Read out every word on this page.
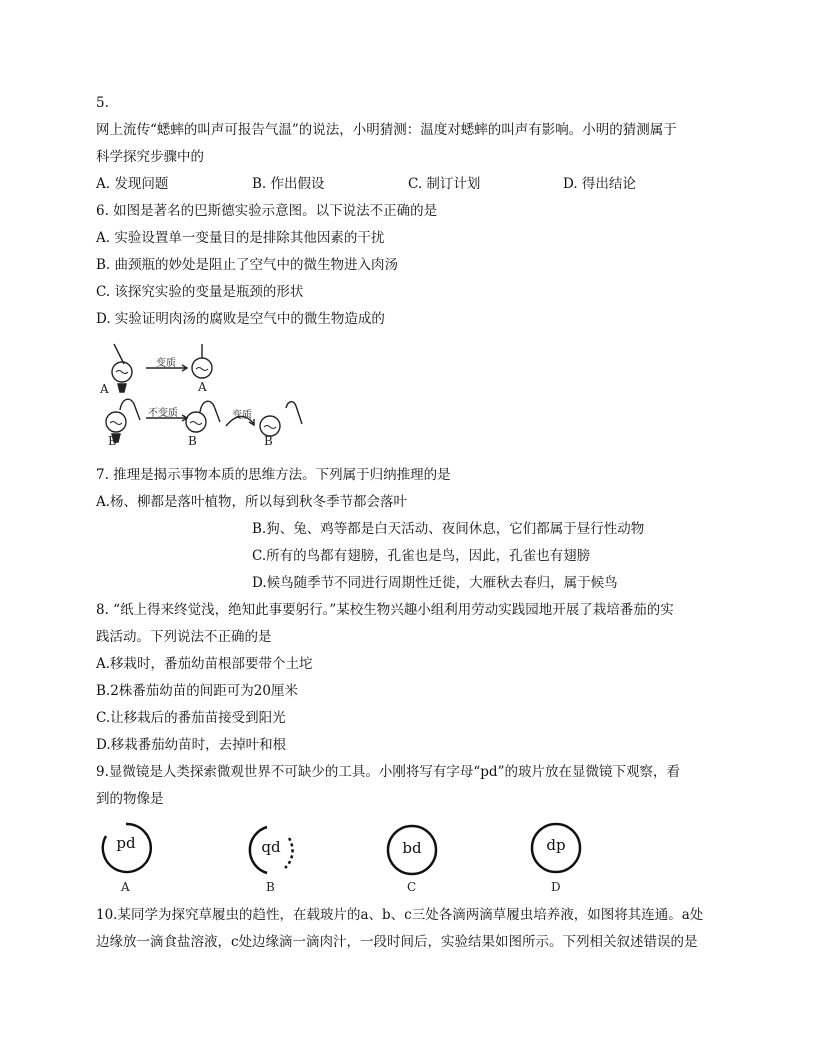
5.
网上流传“蟋蟀的叫声可报告气温”的说法，小明猜测：温度对蟋蟀的叫声有影响。小明的猜测属于
科学探究步骤中的
A. 发现问题	B. 作出假设	C. 制订计划	D. 得出结论
6. 如图是著名的巴斯德实验示意图。以下说法不正确的是
A. 实验设置单一变量目的是排除其他因素的干扰
B. 曲颈瓶的妙处是阻止了空气中的微生物进入肉汤
C. 该探究实验的变量是瓶颈的形状
D. 实验证明肉汤的腐败是空气中的微生物造成的
A
变质
A
B
不变质
B
变质
B
7. 推理是揭示事物本质的思维方法。下列属于归纳推理的是
A.杨、柳都是落叶植物，所以每到秋冬季节都会落叶
B.狗、兔、鸡等都是白天活动、夜间休息，它们都属于昼行性动物
C.所有的鸟都有翅膀，孔雀也是鸟，因此，孔雀也有翅膀
D.候鸟随季节不同进行周期性迁徙，大雁秋去春归，属于候鸟
8. “纸上得来终觉浅，绝知此事要躬行。”某校生物兴趣小组利用劳动实践园地开展了栽培番茄的实
践活动。下列说法不正确的是
A.移栽时，番茄幼苗根部要带个土坨
B.2株番茄幼苗的间距可为20厘米
C.让移栽后的番茄苗接受到阳光
D.移栽番茄幼苗时，去掉叶和根
9.显微镜是人类探索微观世界不可缺少的工具。小刚将写有字母“pd”的玻片放在显微镜下观察，看
到的物像是
pd
A
qd
B
bd
C
dp
D
10.某同学为探究草履虫的趋性，在载玻片的a、b、c三处各滴两滴草履虫培养液，如图将其连通。a处
边缘放一滴食盐溶液，c处边缘滴一滴肉汁，一段时间后，实验结果如图所示。下列相关叙述错误的是
